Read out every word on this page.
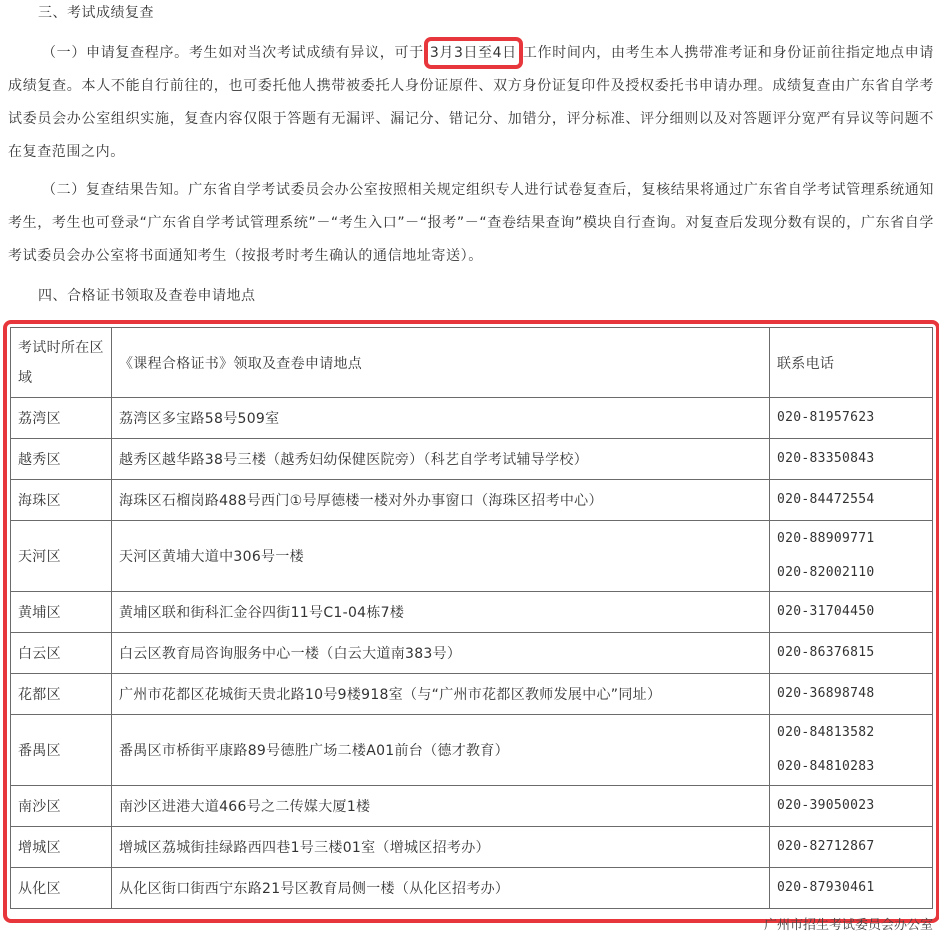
三、考试成绩复查
（一）申请复查程序。考生如对当次考试成绩有异议，可于 3月3日至4日 工作时间内，由考生本人携带准考证和身份证前往指定地点申请成绩复查。本人不能自行前往的，也可委托他人携带被委托人身份证原件、双方身份证复印件及授权委托书申请办理。成绩复查由广东省自学考试委员会办公室组织实施，复查内容仅限于答题有无漏评、漏记分、错记分、加错分，评分标准、评分细则以及对答题评分宽严有异议等问题不在复查范围之内。
（二）复查结果告知。广东省自学考试委员会办公室按照相关规定组织专人进行试卷复查后，复核结果将通过广东省自学考试管理系统通知考生，考生也可登录“广东省自学考试管理系统”－“考生入口”－“报考”－“查卷结果查询”模块自行查询。对复查后发现分数有误的，广东省自学考试委员会办公室将书面通知考生（按报考时考生确认的通信地址寄送）。
四、合格证书领取及查卷申请地点
考试时所在区域	《课程合格证书》领取及查卷申请地点	联系电话
荔湾区	荔湾区多宝路58号509室	020-81957623

越秀区	越秀区越华路38号三楼（越秀妇幼保健医院旁）（科艺自学考试辅导学校）	020-83350843

海珠区	海珠区石榴岗路488号西门①号厚德楼一楼对外办事窗口（海珠区招考中心）	020-84472554

天河区	天河区黄埔大道中306号一楼	020-88909771
020-82002110

黄埔区	黄埔区联和街科汇金谷四街11号C1-04栋7楼	020-31704450

白云区	白云区教育局咨询服务中心一楼（白云大道南383号）	020-86376815

花都区	广州市花都区花城街天贵北路10号9楼918室（与“广州市花都区教师发展中心”同址）	020-36898748

番禺区	番禺区市桥街平康路89号德胜广场二楼A01前台（德才教育）	020-84813582
020-84810283

南沙区	南沙区进港大道466号之二传媒大厦1楼	020-39050023

增城区	增城区荔城街挂绿路西四巷1号三楼01室（增城区招考办）	020-82712867

从化区	从化区街口街西宁东路21号区教育局侧一楼（从化区招考办）	020-87930461
广州市招生考试委员会办公室
